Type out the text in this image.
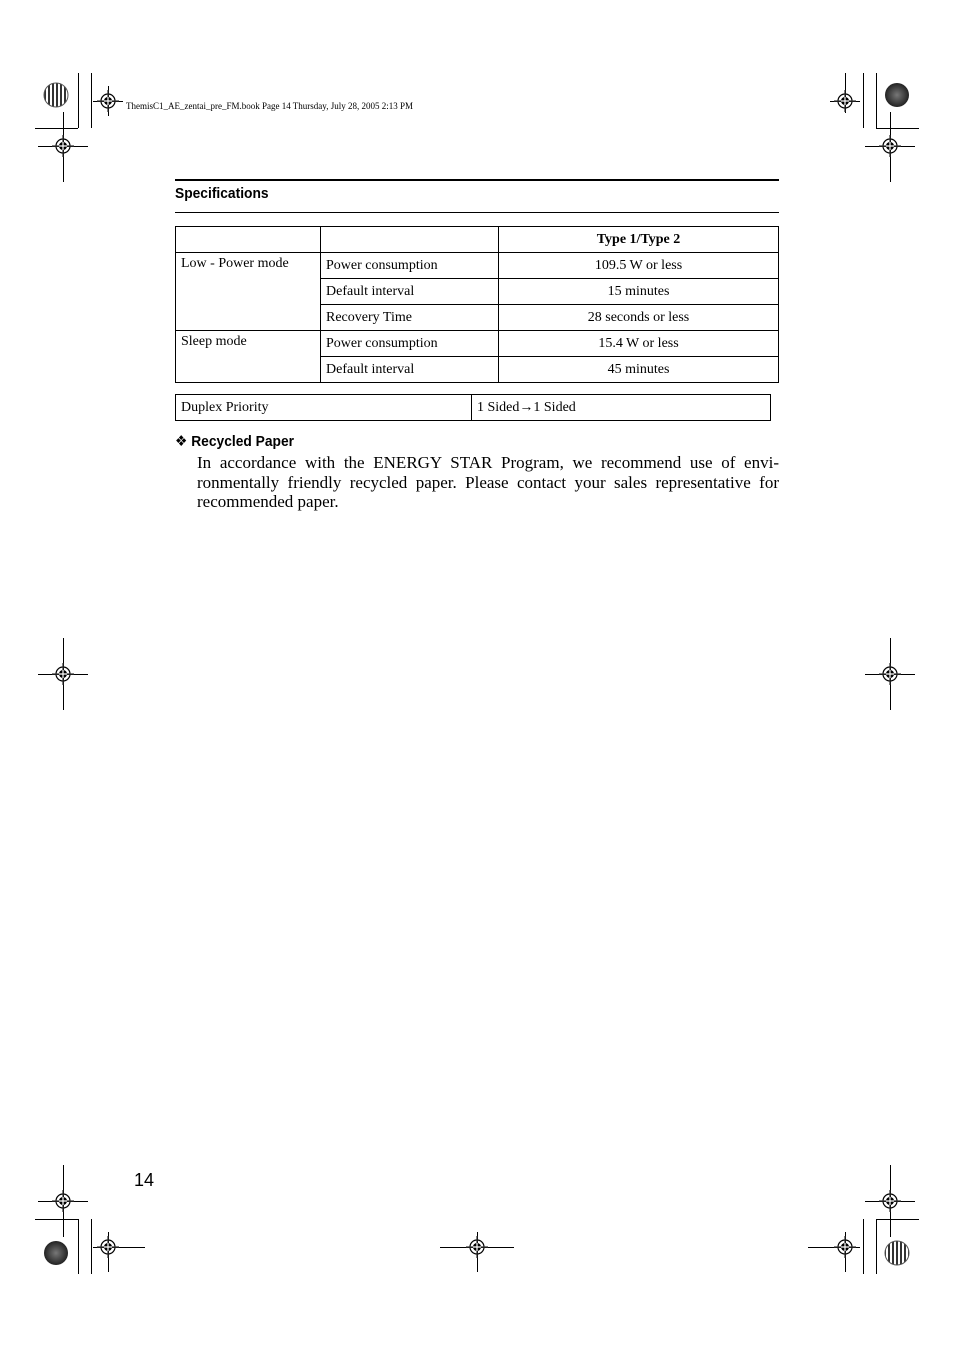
ThemisC1_AE_zentai_pre_FM.book Page 14 Thursday, July 28, 2005 2:13 PM
Specifications
		Type 1/Type 2
Low - Power mode	Power consumption	109.5 W or less
	Default interval	15 minutes
	Recovery Time	28 seconds or less
Sleep mode	Power consumption	15.4 W or less
	Default interval	45 minutes
Duplex Priority	1 Sided→1 Sided
❖ Recycled Paper
In accordance with the ENERGY STAR Program, we recommend use of envi-ronmentally friendly recycled paper. Please contact your sales representative for recommended paper.
14
